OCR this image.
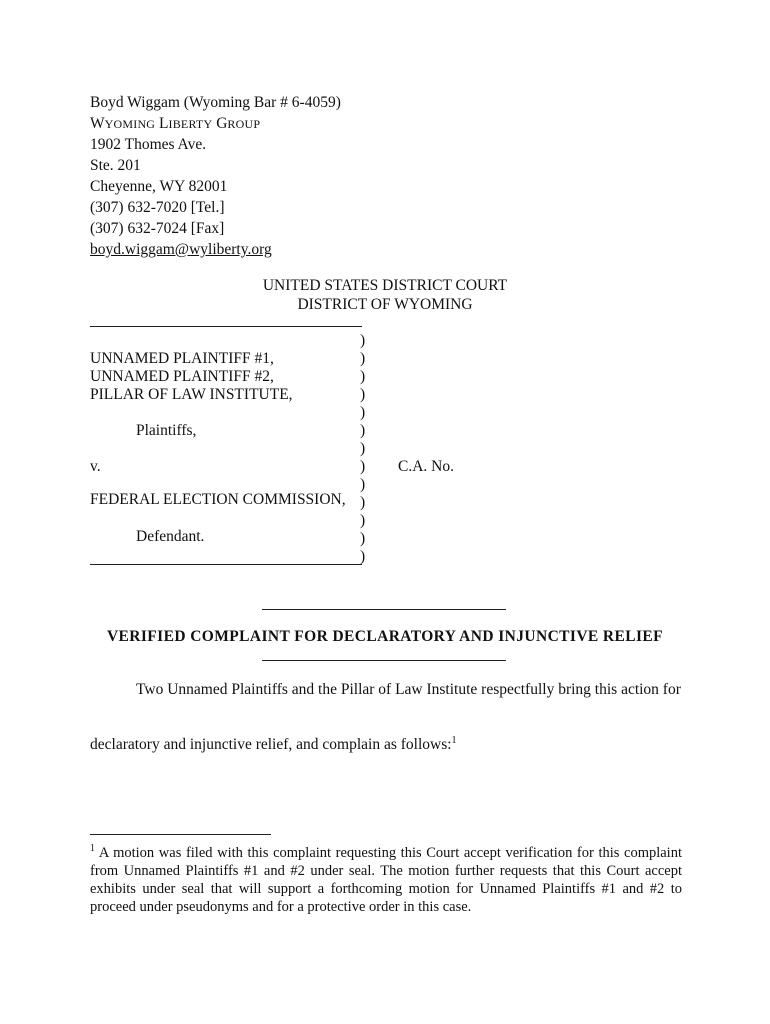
Boyd Wiggam (Wyoming Bar # 6-4059)
WYOMING LIBERTY GROUP
1902 Thomes Ave.
Ste. 201
Cheyenne, WY 82001
(307) 632-7020 [Tel.]
(307) 632-7024 [Fax]
boyd.wiggam@wyliberty.org
UNITED STATES DISTRICT COURT
DISTRICT OF WYOMING
)
)
)
)
)
)
)
)
)
)
)
)
)
UNNAMED PLAINTIFF #1,
UNNAMED PLAINTIFF #2,
PILLAR OF LAW INSTITUTE,
Plaintiffs,
v.	C.A. No.
FEDERAL ELECTION COMMISSION,
Defendant.
VERIFIED COMPLAINT FOR DECLARATORY AND INJUNCTIVE RELIEF
Two Unnamed Plaintiffs and the Pillar of Law Institute respectfully bring this action for
declaratory and injunctive relief, and complain as follows:$^1$
$^1$ A motion was filed with this complaint requesting this Court accept verification for this complaint from Unnamed Plaintiffs #1 and #2 under seal. The motion further requests that this Court accept exhibits under seal that will support a forthcoming motion for Unnamed Plaintiffs #1 and #2 to proceed under pseudonyms and for a protective order in this case.
